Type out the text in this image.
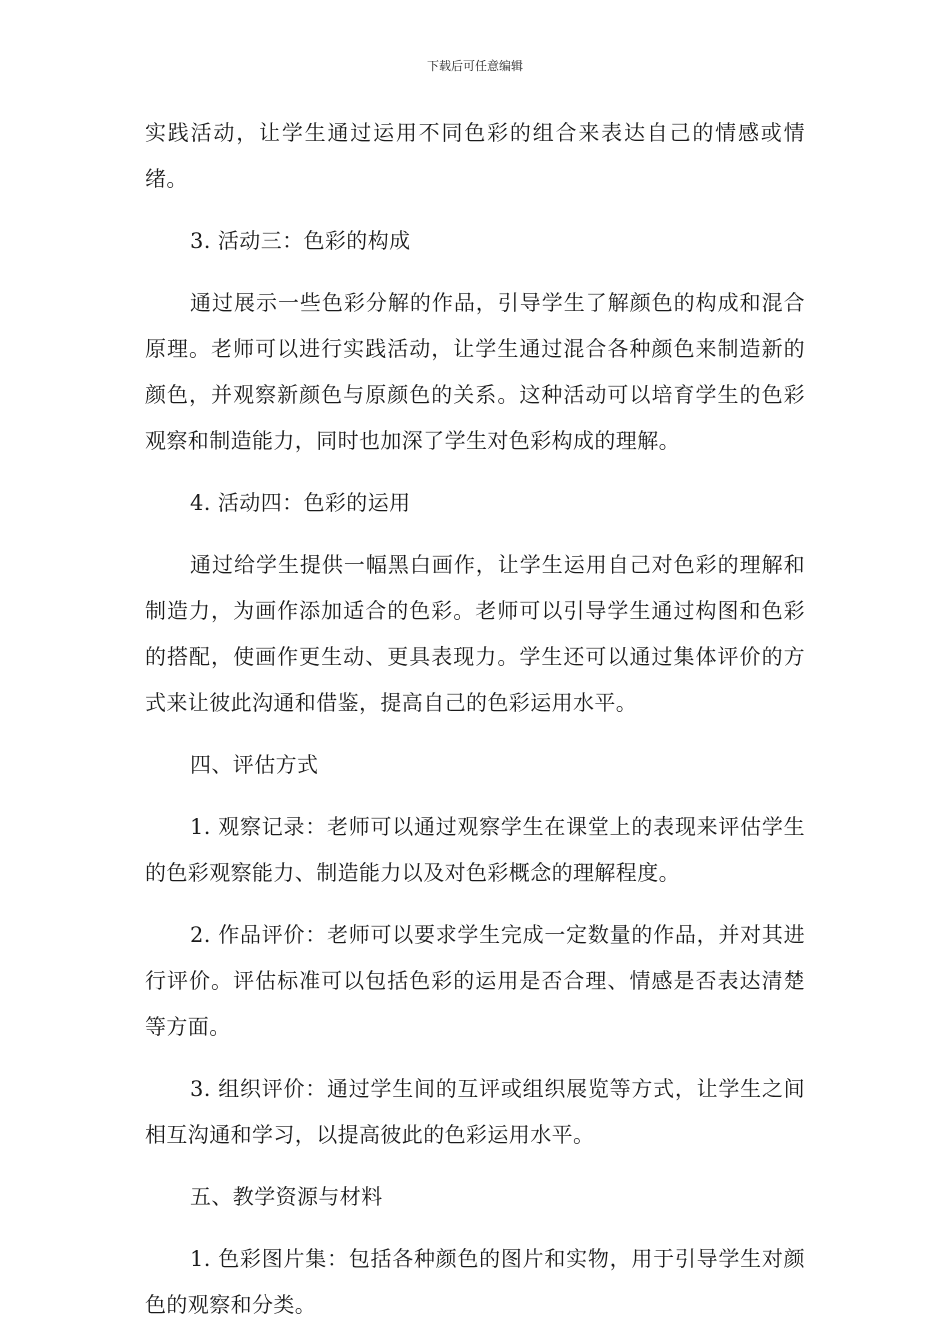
下载后可任意编辑

实践活动，让学生通过运用不同色彩的组合来表达自己的情感或情绪。

3. 活动三：色彩的构成

通过展示一些色彩分解的作品，引导学生了解颜色的构成和混合原理。老师可以进行实践活动，让学生通过混合各种颜色来制造新的颜色，并观察新颜色与原颜色的关系。这种活动可以培育学生的色彩观察和制造能力，同时也加深了学生对色彩构成的理解。

4. 活动四：色彩的运用

通过给学生提供一幅黑白画作，让学生运用自己对色彩的理解和制造力，为画作添加适合的色彩。老师可以引导学生通过构图和色彩的搭配，使画作更生动、更具表现力。学生还可以通过集体评价的方式来让彼此沟通和借鉴，提高自己的色彩运用水平。

四、评估方式

1. 观察记录：老师可以通过观察学生在课堂上的表现来评估学生的色彩观察能力、制造能力以及对色彩概念的理解程度。

2. 作品评价：老师可以要求学生完成一定数量的作品，并对其进行评价。评估标准可以包括色彩的运用是否合理、情感是否表达清楚等方面。

3. 组织评价：通过学生间的互评或组织展览等方式，让学生之间相互沟通和学习，以提高彼此的色彩运用水平。

五、教学资源与材料

1. 色彩图片集：包括各种颜色的图片和实物，用于引导学生对颜色的观察和分类。
